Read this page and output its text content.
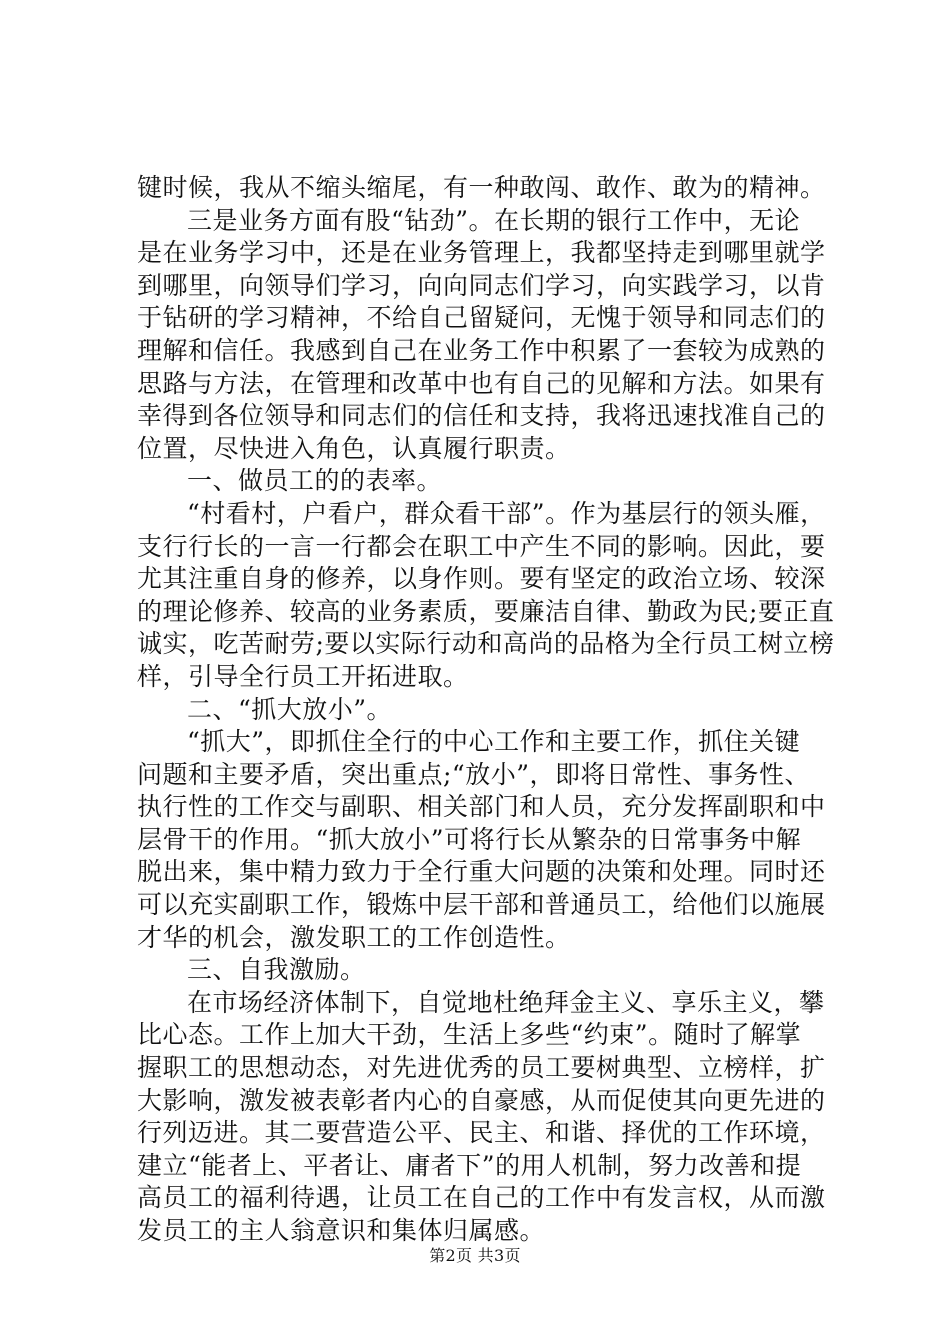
键时候，我从不缩头缩尾，有一种敢闯、敢作、敢为的精神。
三是业务方面有股“钻劲”。在长期的银行工作中，无论
是在业务学习中，还是在业务管理上，我都坚持走到哪里就学
到哪里，向领导们学习，向向同志们学习，向实践学习，以肯
于钻研的学习精神，不给自己留疑问，无愧于领导和同志们的
理解和信任。我感到自己在业务工作中积累了一套较为成熟的
思路与方法，在管理和改革中也有自己的见解和方法。如果有
幸得到各位领导和同志们的信任和支持，我将迅速找准自己的
位置，尽快进入角色，认真履行职责。
一、做员工的的表率。
“村看村，户看户，群众看干部”。作为基层行的领头雁，
支行行长的一言一行都会在职工中产生不同的影响。因此，要
尤其注重自身的修养，以身作则。要有坚定的政治立场、较深
的理论修养、较高的业务素质，要廉洁自律、勤政为民;要正直
诚实，吃苦耐劳;要以实际行动和高尚的品格为全行员工树立榜
样，引导全行员工开拓进取。
二、“抓大放小”。
“抓大”，即抓住全行的中心工作和主要工作，抓住关键
问题和主要矛盾，突出重点;“放小”，即将日常性、事务性、
执行性的工作交与副职、相关部门和人员，充分发挥副职和中
层骨干的作用。“抓大放小”可将行长从繁杂的日常事务中解
脱出来，集中精力致力于全行重大问题的决策和处理。同时还
可以充实副职工作，锻炼中层干部和普通员工，给他们以施展
才华的机会，激发职工的工作创造性。
三、自我激励。
在市场经济体制下，自觉地杜绝拜金主义、享乐主义，攀
比心态。工作上加大干劲，生活上多些“约束”。随时了解掌
握职工的思想动态，对先进优秀的员工要树典型、立榜样，扩
大影响，激发被表彰者内心的自豪感，从而促使其向更先进的
行列迈进。其二要营造公平、民主、和谐、择优的工作环境，
建立“能者上、平者让、庸者下”的用人机制，努力改善和提
高员工的福利待遇，让员工在自己的工作中有发言权，从而激
发员工的主人翁意识和集体归属感。
第2页 共3页
